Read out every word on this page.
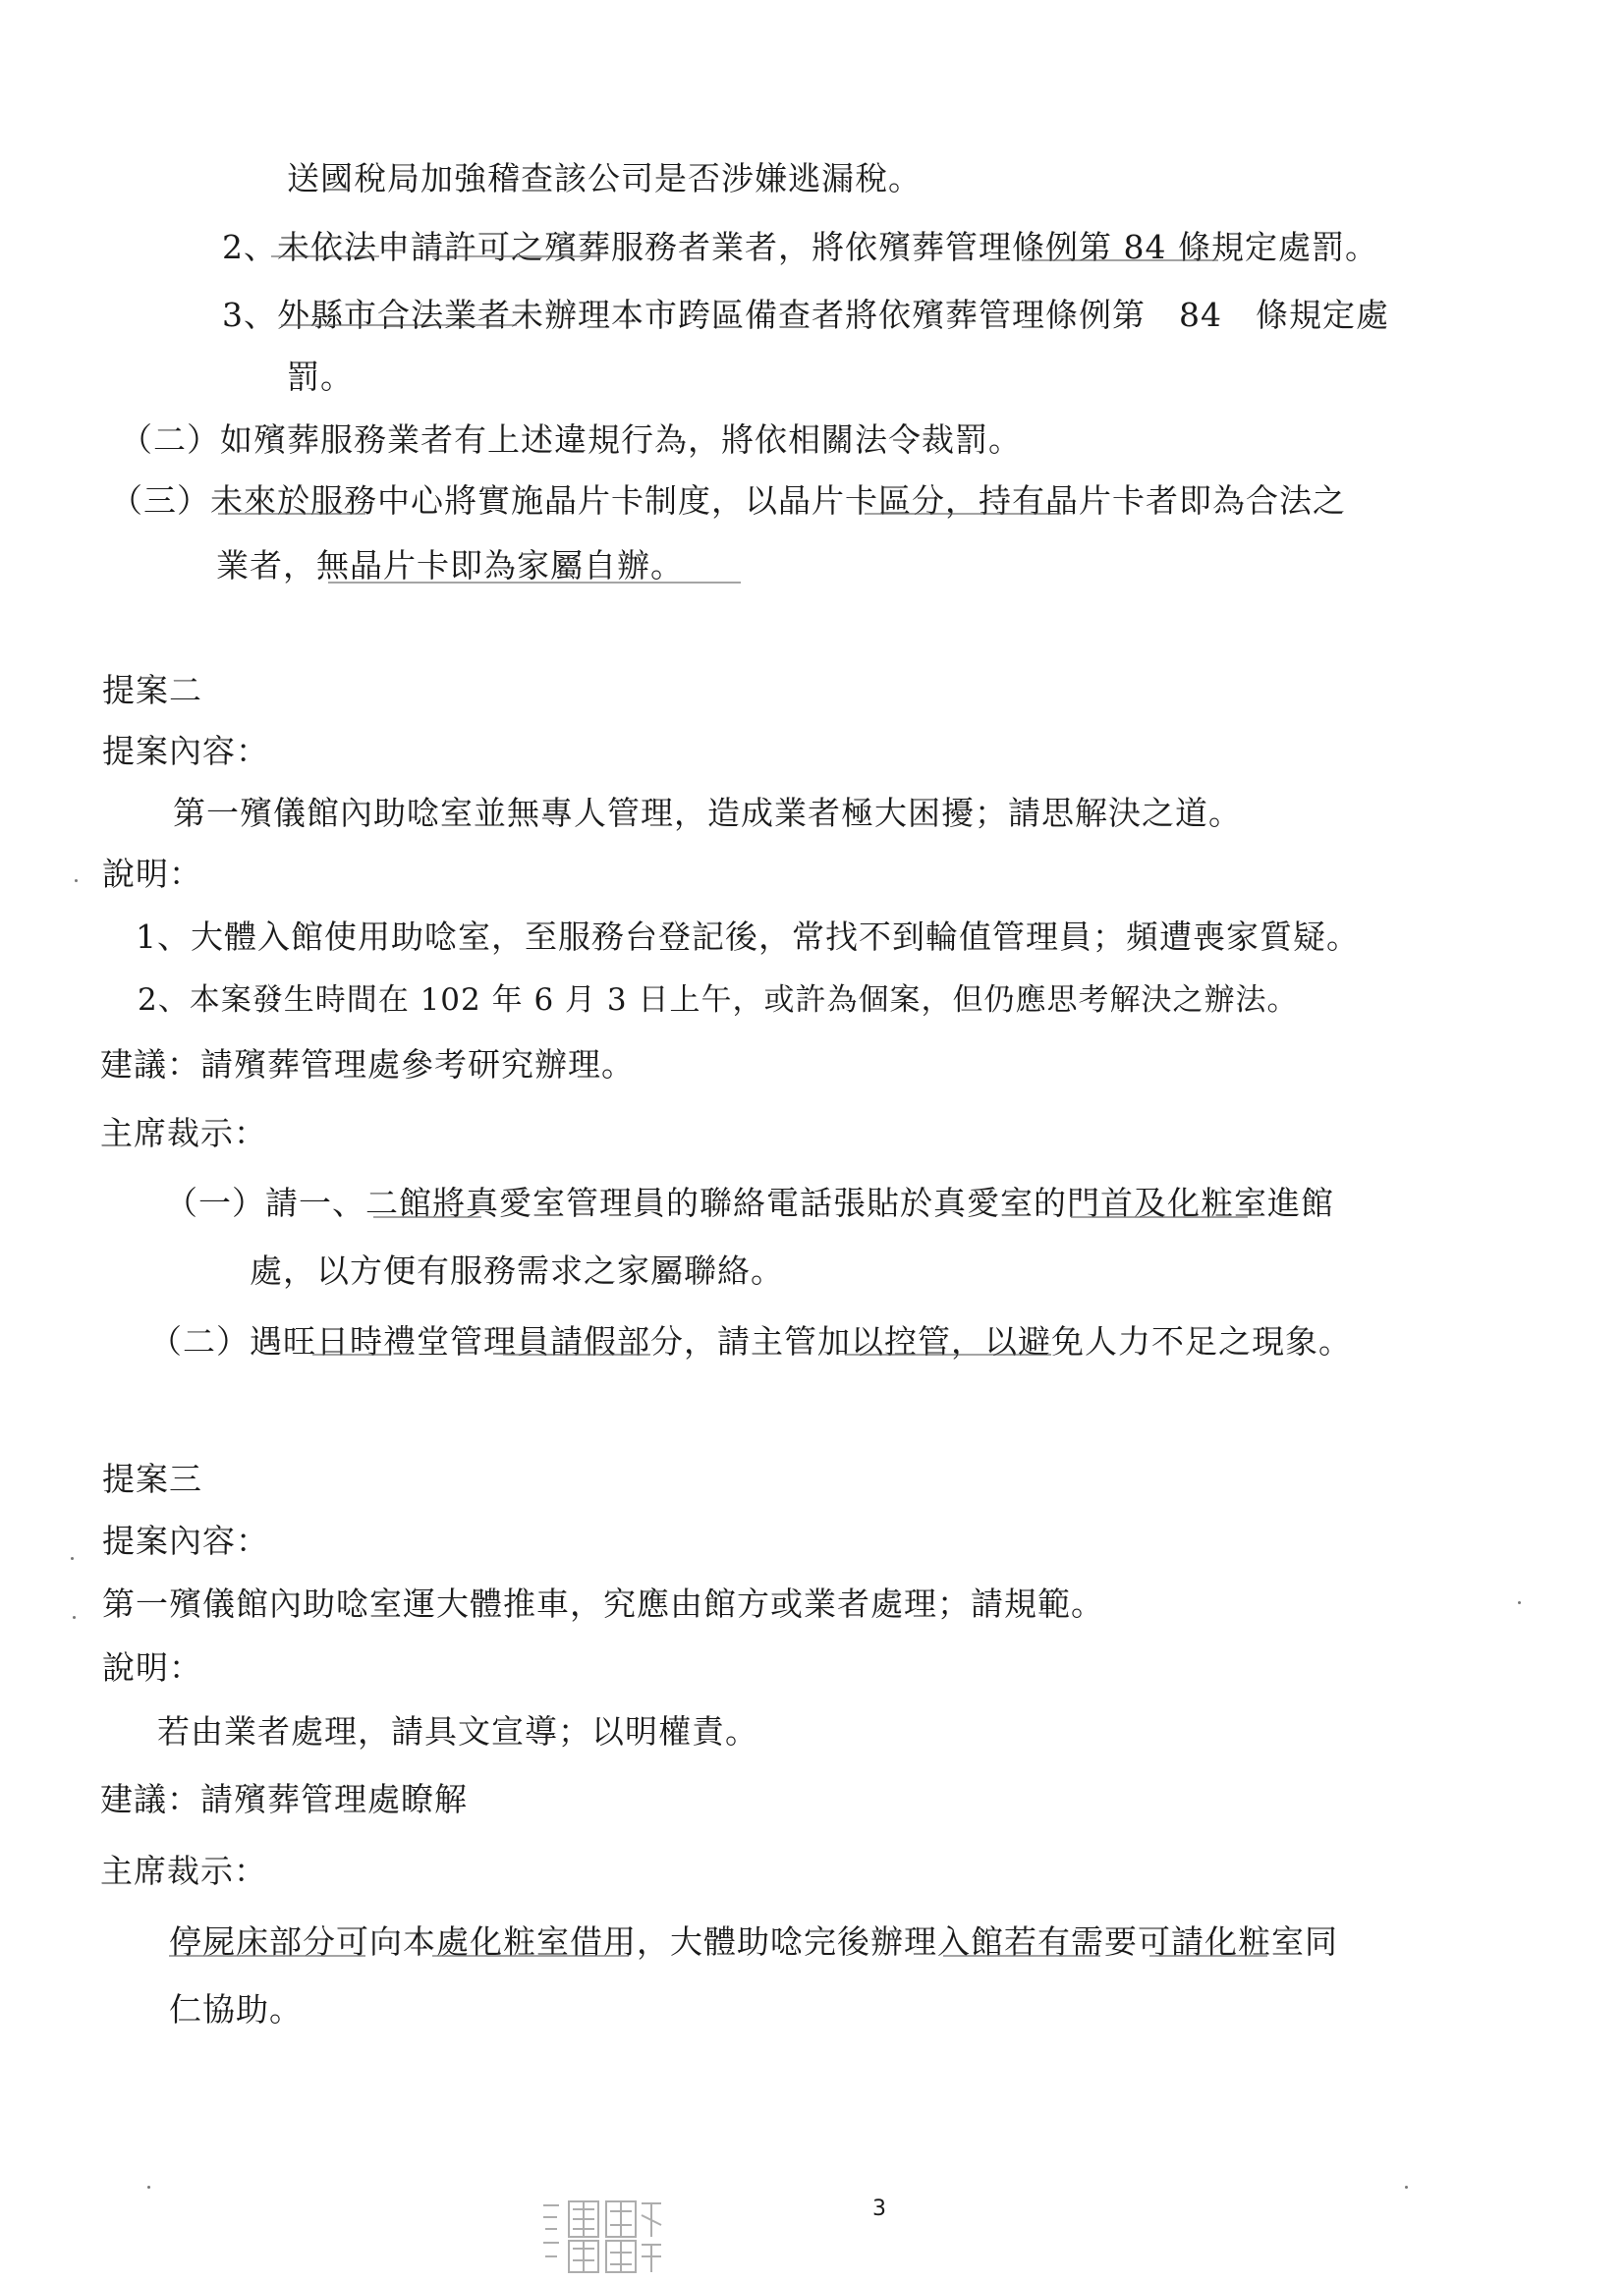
送國稅局加強稽查該公司是否涉嫌逃漏稅。
2、未依法申請許可之殯葬服務者業者，將依殯葬管理條例第 84 條規定處罰。
3、外縣市合法業者未辦理本市跨區備查者將依殯葬管理條例第　84　條規定處
罰。
（二）如殯葬服務業者有上述違規行為，將依相關法令裁罰。
（三）未來於服務中心將實施晶片卡制度，以晶片卡區分，持有晶片卡者即為合法之
業者，無晶片卡即為家屬自辦。
提案二
提案內容：
第一殯儀館內助唸室並無專人管理，造成業者極大困擾；請思解決之道。
說明：
1、大體入館使用助唸室，至服務台登記後，常找不到輪值管理員；頻遭喪家質疑。
2、本案發生時間在 102 年 6 月 3 日上午，或許為個案，但仍應思考解決之辦法。
建議：請殯葬管理處參考研究辦理。
主席裁示：
（一）請一、二館將真愛室管理員的聯絡電話張貼於真愛室的門首及化粧室進館
處，以方便有服務需求之家屬聯絡。
（二）遇旺日時禮堂管理員請假部分，請主管加以控管，以避免人力不足之現象。
提案三
提案內容：
第一殯儀館內助唸室運大體推車，究應由館方或業者處理；請規範。
說明：
若由業者處理，請具文宣導；以明權責。
建議：請殯葬管理處瞭解
主席裁示：
停屍床部分可向本處化粧室借用，大體助唸完後辦理入館若有需要可請化粧室同
仁協助。
3
